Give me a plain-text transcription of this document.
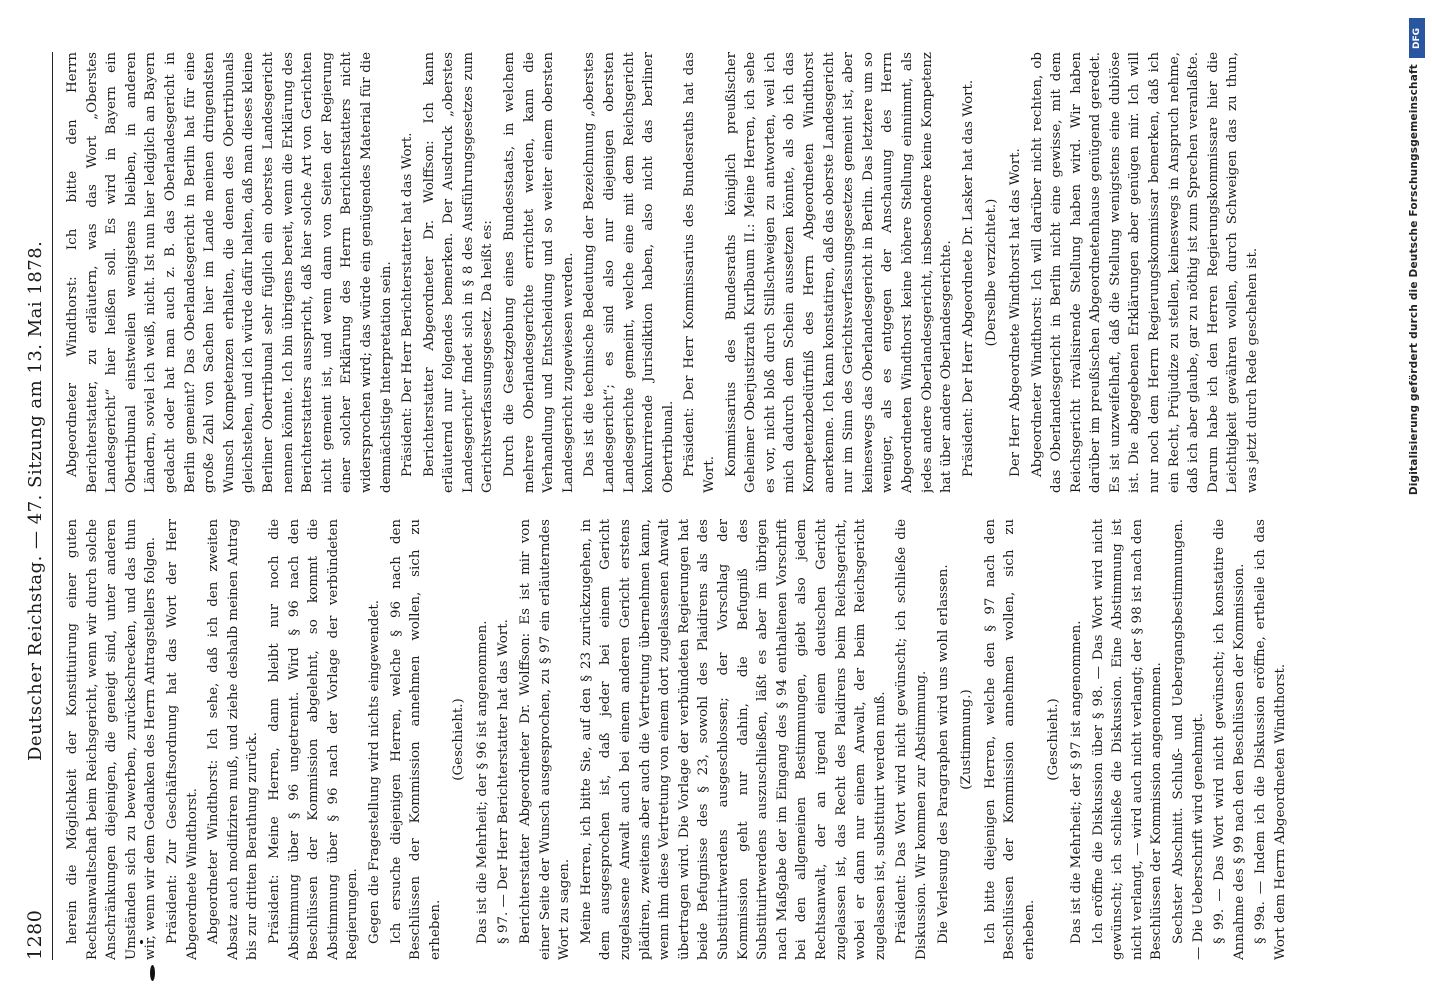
1280
Deutscher Reichstag. — 47. Sitzung am 13. Mai 1878. herein die Möglichkeit der Konstituirung einer guten Rechtsanwaltschaft beim Reichsgericht, wenn wir durch solche Anschränkungen diejenigen, die geneigt sind, unter anderen Umständen sich zu bewerben, zurückschrecken, und das thun wir, wenn wir dem Gedanken des Herrn Antragstellers folgen. Präsident: Zur Geschäftsordnung hat das Wort der Herr Abgeordnete Windthorst. Abgeordneter Windthorst: Ich sehe, daß ich den zweiten Absatz auch modifiziren muß, und ziehe deshalb meinen Antrag bis zur dritten Berathung zurück. Präsident: Meine Herren, dann bleibt nur noch die Abstimmung über § 96 ungetrennt. Wird § 96 nach den Beschlüssen der Kommission abgelehnt, so kommt die Abstimmung über § 96 nach der Vorlage der verbündeten Regierungen. Gegen die Fragestellung wird nichts eingewendet. Ich ersuche diejenigen Herren, welche § 96 nach den Beschlüssen der Kommission annehmen wollen, sich zu erheben.

(Geschieht.) Das ist die Mehrheit; der § 96 ist angenommen. § 97. — Der Herr Berichterstatter hat das Wort. Berichterstatter Abgeordneter Dr. Wolffson: Es ist mir von einer Seite der Wunsch ausgesprochen, zu § 97 ein erläuterndes Wort zu sagen. Meine Herren, ich bitte Sie, auf den § 23 zurückzugehen, in dem ausgesprochen ist, daß jeder bei einem Gericht zugelassene Anwalt auch bei einem anderen Gericht erstens plädiren, zweitens aber auch die Vertretung übernehmen kann, wenn ihm diese Vertretung von einem dort zugelassenen Anwalt übertragen wird. Die Vorlage der verbündeten Regierungen hat beide Befugnisse des § 23, sowohl des Plaidirens als des Substituirtwerdens ausgeschlossen; der Vorschlag der Kommission geht nur dahin, die Befugniß des Substituirtwerdens auszuschließen, läßt es aber im übrigen nach Maßgabe der im Eingang des § 94 enthaltenen Vorschrift bei den allgemeinen Bestimmungen, giebt also jedem Rechtsanwalt, der an irgend einem deutschen Gericht zugelassen ist, das Recht des Plaidirens beim Reichsgericht, wobei er dann nur einem Anwalt, der beim Reichsgericht zugelassen ist, substituirt werden muß. Präsident: Das Wort wird nicht gewünscht; ich schließe die Diskussion. Wir kommen zur Abstimmung. Die Verlesung des Paragraphen wird uns wohl erlassen. (Zustimmung.) Ich bitte diejenigen Herren, welche den § 97 nach den Beschlüssen der Kommission annehmen wollen, sich zu erheben.

(Geschieht.) Das ist die Mehrheit; der § 97 ist angenommen. Ich eröffne die Diskussion über § 98. — Das Wort wird nicht gewünscht; ich schließe die Diskussion. Eine Abstimmung ist nicht verlangt, — wird auch nicht verlangt; der § 98 ist nach den Beschlüssen der Kommission angenommen. Sechster Abschnitt. Schluß- und Uebergangsbestimmungen. — Die Ueberschrift wird genehmigt. § 99. — Das Wort wird nicht gewünscht; ich konstatire die Annahme des § 99 nach den Beschlüssen der Kommission. § 99a. — Indem ich die Diskussion eröffne, ertheile ich das Wort dem Herrn Abgeordneten Windthorst.

Abgeordneter Windthorst: Ich bitte den Herrn Berichterstatter, zu erläutern, was das Wort „Oberstes Landesgericht“ hier heißen soll. Es wird in Bayern ein Obertribunal einstweilen wenigstens bleiben, in anderen Ländern, soviel ich weiß, nicht. Ist nun hier lediglich an Bayern gedacht oder hat man auch z. B. das Oberlandesgericht in Berlin gemeint? Das Oberlandesgericht in Berlin hat für eine große Zahl von Sachen hier im Lande meinen dringendsten Wunsch Kompetenzen erhalten, die denen des Obertribunals gleichstehen, und ich würde dafür halten, daß man dieses kleine Berliner Obertribunal sehr füglich ein oberstes Landesgericht nennen könnte. Ich bin übrigens bereit, wenn die Erklärung des Berichterstatters ausspricht, daß hier solche Art von Gerichten nicht gemeint ist, und wenn dann von Seiten der Regierung einer solcher Erklärung des Herrn Berichterstatters nicht widersprochen wird; das würde ein genügendes Material für die demnächstige Interpretation sein. Präsident: Der Herr Berichterstatter hat das Wort. Berichterstatter Abgeordneter Dr. Wolffson: Ich kann erläuternd nur folgendes bemerken. Der Ausdruck „oberstes Landesgericht“ findet sich in § 8 des Ausführungsgesetzes zum Gerichtsverfassungsgesetz. Da heißt es: Durch die Gesetzgebung eines Bundesstaats, in welchem mehrere Oberlandesgerichte errichtet werden, kann die Verhandlung und Entscheidung und so weiter einem obersten Landesgericht zugewiesen werden. Das ist die technische Bedeutung der Bezeichnung „oberstes Landesgericht“; es sind also nur diejenigen obersten Landesgerichte gemeint, welche eine mit dem Reichsgericht konkurrirende Jurisdiktion haben, also nicht das berliner Obertribunal. Präsident: Der Herr Kommissarius des Bundesraths hat das Wort. Kommissarius des Bundesraths königlich preußischer Geheimer Oberjustizrath Kurlbaum II.: Meine Herren, ich sehe es vor, nicht bloß durch Stillschweigen zu antworten, weil ich mich dadurch dem Schein aussetzen könnte, als ob ich das Kompetenzbedürfniß des Herrn Abgeordneten Windthorst anerkenne. Ich kann konstatiren, daß das oberste Landesgericht nur im Sinn des Gerichtsverfassungsgesetzes gemeint ist, aber keineswegs das Oberlandesgericht in Berlin. Das letztere um so weniger, als es entgegen der Anschauung des Herrn Abgeordneten Windthorst keine höhere Stellung einnimmt, als jedes andere Oberlandesgericht, insbesondere keine Kompetenz hat über andere Oberlandesgerichte. Präsident: Der Herr Abgeordnete Dr. Lasker hat das Wort. (Derselbe verzichtet.) Der Herr Abgeordnete Windthorst hat das Wort. Abgeordneter Windthorst: Ich will darüber nicht rechten, ob das Oberlandesgericht in Berlin nicht eine gewisse, mit dem Reichsgericht rivalisirende Stellung haben wird. Wir haben darüber im preußischen Abgeordnetenhause genügend geredet. Es ist unzweifelhaft, daß die Stellung wenigstens eine dubiöse ist. Die abgegebenen Erklärungen aber genügen mir. Ich will nur noch dem Herrn Regierungskommissar bemerken, daß ich ein Recht, Prüjudize zu stellen, keineswegs in Anspruch nehme, daß ich aber glaube, gar zu nöthig ist zum Sprechen veranlaßte. Darum habe ich den Herren Regierungskommissare hier die Leichtigkeit gewähren wollen, durch Schweigen das zu thun, was jetzt durch Rede geschehen ist.

DFG
Digitalisierung gefördert durch die Deutsche Forschungsgemeinschaft
